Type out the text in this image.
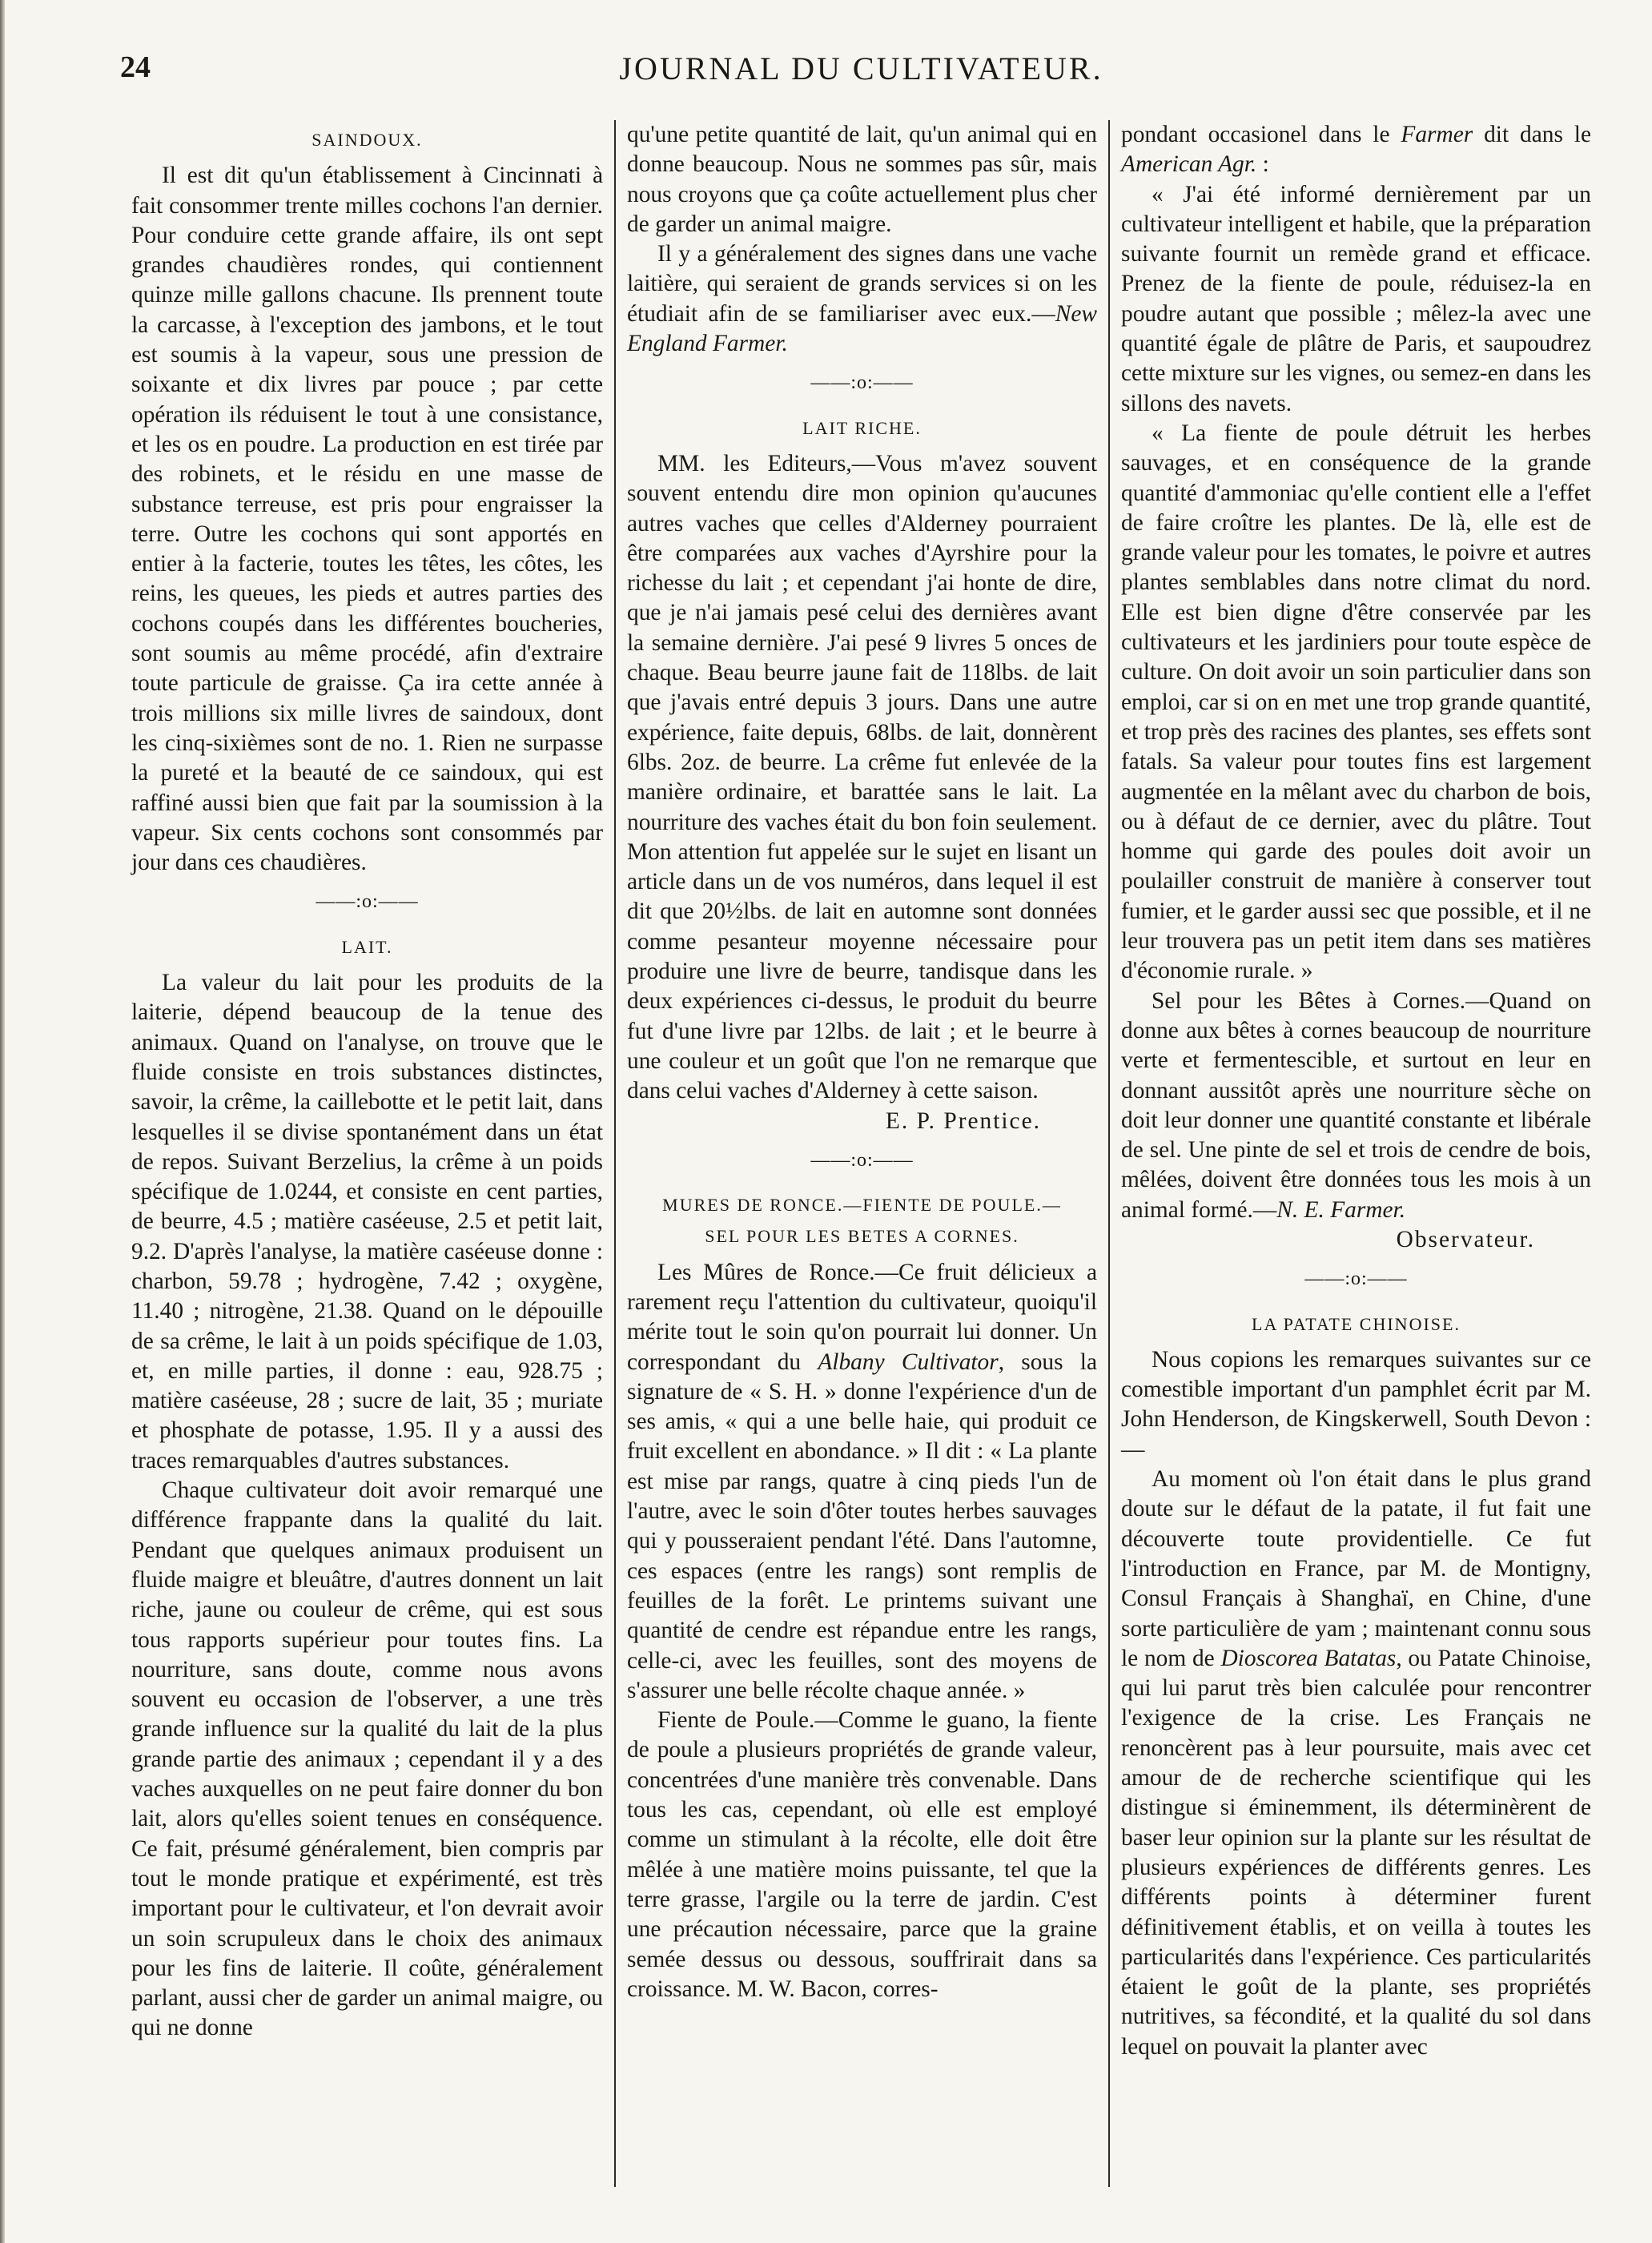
24	JOURNAL DU CULTIVATEUR.
SAINDOUX.

Il est dit qu'un établissement à Cincinnati à fait consommer trente milles cochons l'an dernier. Pour conduire cette grande affaire, ils ont sept grandes chaudières rondes, qui contiennent quinze mille gallons chacune. Ils prennent toute la carcasse, à l'exception des jambons, et le tout est soumis à la vapeur, sous une pression de soixante et dix livres par pouce ; par cette opération ils réduisent le tout à une consistance, et les os en poudre. La production en est tirée par des robinets, et le résidu en une masse de substance terreuse, est pris pour engraisser la terre. Outre les cochons qui sont apportés en entier à la facterie, toutes les têtes, les côtes, les reins, les queues, les pieds et autres parties des cochons coupés dans les différentes boucheries, sont soumis au même procédé, afin d'extraire toute particule de graisse. Ça ira cette année à trois millions six mille livres de saindoux, dont les cinq-sixièmes sont de no. 1. Rien ne surpasse la pureté et la beauté de ce saindoux, qui est raffiné aussi bien que fait par la soumission à la vapeur. Six cents cochons sont consommés par jour dans ces chaudières.

——:o:——
LAIT.

La valeur du lait pour les produits de la laiterie, dépend beaucoup de la tenue des animaux. Quand on l'analyse, on trouve que le fluide consiste en trois substances distinctes, savoir, la crême, la caillebotte et le petit lait, dans lesquelles il se divise spontanément dans un état de repos. Suivant Berzelius, la crême à un poids spécifique de 1.0244, et consiste en cent parties, de beurre, 4.5 ; matière caséeuse, 2.5 et petit lait, 9.2. D'après l'analyse, la matière caséeuse donne : charbon, 59.78 ; hydrogène, 7.42 ; oxygène, 11.40 ; nitrogène, 21.38. Quand on le dépouille de sa crême, le lait à un poids spécifique de 1.03, et, en mille parties, il donne : eau, 928.75 ; matière caséeuse, 28 ; sucre de lait, 35 ; muriate et phosphate de potasse, 1.95. Il y a aussi des traces remarquables d'autres substances.

Chaque cultivateur doit avoir remarqué une différence frappante dans la qualité du lait. Pendant que quelques animaux produisent un fluide maigre et bleuâtre, d'autres donnent un lait riche, jaune ou couleur de crême, qui est sous tous rapports supérieur pour toutes fins. La nourriture, sans doute, comme nous avons souvent eu occasion de l'observer, a une très grande influence sur la qualité du lait de la plus grande partie des animaux ; cependant il y a des vaches auxquelles on ne peut faire donner du bon lait, alors qu'elles soient tenues en conséquence. Ce fait, présumé généralement, bien compris par tout le monde pratique et expérimenté, est très important pour le cultivateur, et l'on devrait avoir un soin scrupuleux dans le choix des animaux pour les fins de laiterie. Il coûte, généralement parlant, aussi cher de garder un animal maigre, ou qui ne donne

qu'une petite quantité de lait, qu'un animal qui en donne beaucoup. Nous ne sommes pas sûr, mais nous croyons que ça coûte actuellement plus cher de garder un animal maigre.

Il y a généralement des signes dans une vache laitière, qui seraient de grands services si on les étudiait afin de se familiariser avec eux.—New England Farmer.

——:o:——
LAIT RICHE.

MM. les Editeurs,—Vous m'avez souvent souvent entendu dire mon opinion qu'aucunes autres vaches que celles d'Alderney pourraient être comparées aux vaches d'Ayrshire pour la richesse du lait ; et cependant j'ai honte de dire, que je n'ai jamais pesé celui des dernières avant la semaine dernière. J'ai pesé 9 livres 5 onces de chaque. Beau beurre jaune fait de 118lbs. de lait que j'avais entré depuis 3 jours. Dans une autre expérience, faite depuis, 68lbs. de lait, donnèrent 6lbs. 2oz. de beurre. La crême fut enlevée de la manière ordinaire, et barattée sans le lait. La nourriture des vaches était du bon foin seulement. Mon attention fut appelée sur le sujet en lisant un article dans un de vos numéros, dans lequel il est dit que 20½lbs. de lait en automne sont données comme pesanteur moyenne nécessaire pour produire une livre de beurre, tandisque dans les deux expériences ci-dessus, le produit du beurre fut d'une livre par 12lbs. de lait ; et le beurre à une couleur et un goût que l'on ne remarque que dans celui vaches d'Alderney à cette saison.

E. P. Prentice.
——:o:——
MURES DE RONCE.—FIENTE DE POULE.—
SEL POUR LES BETES A CORNES.

Les Mûres de Ronce.—Ce fruit délicieux a rarement reçu l'attention du cultivateur, quoiqu'il mérite tout le soin qu'on pourrait lui donner. Un correspondant du Albany Cultivator, sous la signature de « S. H. » donne l'expérience d'un de ses amis, « qui a une belle haie, qui produit ce fruit excellent en abondance. » Il dit : « La plante est mise par rangs, quatre à cinq pieds l'un de l'autre, avec le soin d'ôter toutes herbes sauvages qui y pousseraient pendant l'été. Dans l'automne, ces espaces (entre les rangs) sont remplis de feuilles de la forêt. Le printems suivant une quantité de cendre est répandue entre les rangs, celle-ci, avec les feuilles, sont des moyens de s'assurer une belle récolte chaque année. »

Fiente de Poule.—Comme le guano, la fiente de poule a plusieurs propriétés de grande valeur, concentrées d'une manière très convenable. Dans tous les cas, cependant, où elle est employé comme un stimulant à la récolte, elle doit être mêlée à une matière moins puissante, tel que la terre grasse, l'argile ou la terre de jardin. C'est une précaution nécessaire, parce que la graine semée dessus ou dessous, souffrirait dans sa croissance. M. W. Bacon, corres-

pondant occasionel dans le Farmer dit dans le American Agr. :

« J'ai été informé dernièrement par un cultivateur intelligent et habile, que la préparation suivante fournit un remède grand et efficace. Prenez de la fiente de poule, réduisez-la en poudre autant que possible ; mêlez-la avec une quantité égale de plâtre de Paris, et saupoudrez cette mixture sur les vignes, ou semez-en dans les sillons des navets.

« La fiente de poule détruit les herbes sauvages, et en conséquence de la grande quantité d'ammoniac qu'elle contient elle a l'effet de faire croître les plantes. De là, elle est de grande valeur pour les tomates, le poivre et autres plantes semblables dans notre climat du nord. Elle est bien digne d'être conservée par les cultivateurs et les jardiniers pour toute espèce de culture. On doit avoir un soin particulier dans son emploi, car si on en met une trop grande quantité, et trop près des racines des plantes, ses effets sont fatals. Sa valeur pour toutes fins est largement augmentée en la mêlant avec du charbon de bois, ou à défaut de ce dernier, avec du plâtre. Tout homme qui garde des poules doit avoir un poulailler construit de manière à conserver tout fumier, et le garder aussi sec que possible, et il ne leur trouvera pas un petit item dans ses matières d'économie rurale. »

Sel pour les Bêtes à Cornes.—Quand on donne aux bêtes à cornes beaucoup de nourriture verte et fermentescible, et surtout en leur en donnant aussitôt après une nourriture sèche on doit leur donner une quantité constante et libérale de sel. Une pinte de sel et trois de cendre de bois, mêlées, doivent être données tous les mois à un animal formé.—N. E. Farmer.

Observateur.
——:o:——
LA PATATE CHINOISE.

Nous copions les remarques suivantes sur ce comestible important d'un pamphlet écrit par M. John Henderson, de Kingskerwell, South Devon :—

Au moment où l'on était dans le plus grand doute sur le défaut de la patate, il fut fait une découverte toute providentielle. Ce fut l'introduction en France, par M. de Montigny, Consul Français à Shanghaï, en Chine, d'une sorte particulière de yam ; maintenant connu sous le nom de Dioscorea Batatas, ou Patate Chinoise, qui lui parut très bien calculée pour rencontrer l'exigence de la crise. Les Français ne renoncèrent pas à leur poursuite, mais avec cet amour de de recherche scientifique qui les distingue si éminemment, ils déterminèrent de baser leur opinion sur la plante sur les résultat de plusieurs expériences de différents genres. Les différents points à déterminer furent définitivement établis, et on veilla à toutes les particularités dans l'expérience. Ces particularités étaient le goût de la plante, ses propriétés nutritives, sa fécondité, et la qualité du sol dans lequel on pouvait la planter avec
